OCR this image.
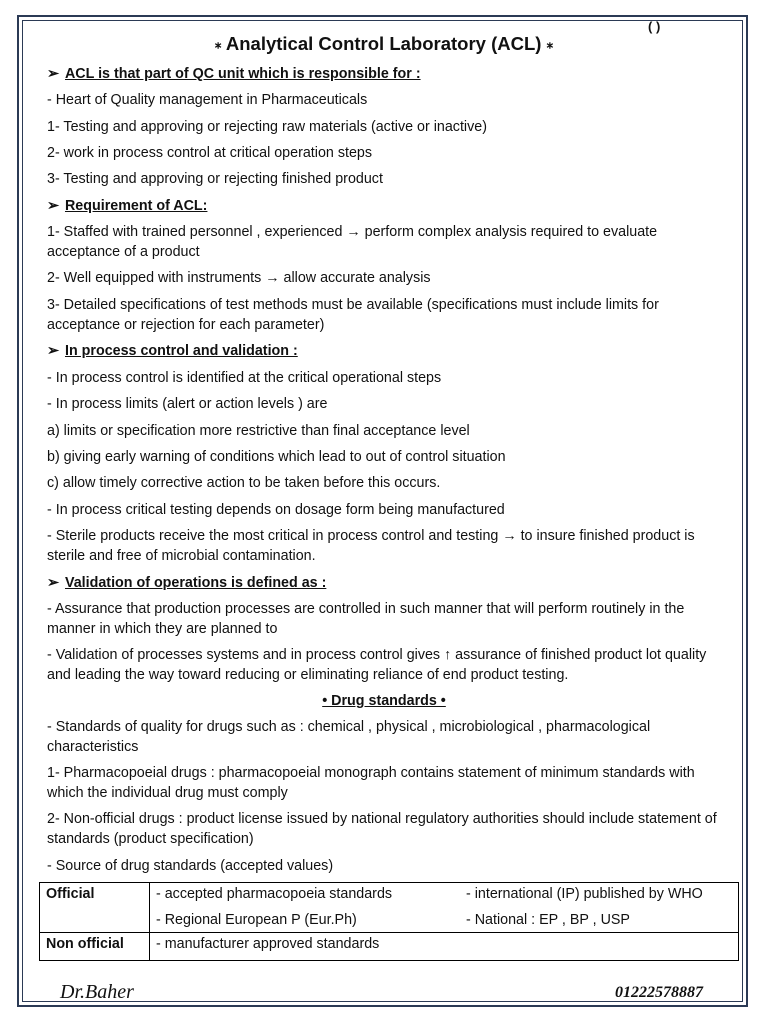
( )
⁎ Analytical Control Laboratory (ACL) ⁎
➢ ACL is that part of QC unit which is responsible for :
- Heart of Quality management in Pharmaceuticals
1- Testing and approving or rejecting raw materials (active or inactive)
2- work in process control at critical operation steps
3- Testing and approving or rejecting finished product
➢ Requirement of ACL:
1- Staffed with trained personnel , experienced → perform complex analysis required to evaluate acceptance of a product
2- Well equipped with instruments → allow accurate analysis
3- Detailed specifications of test methods must be available (specifications must include limits for acceptance or rejection for each parameter)
➢ In process control and validation :
- In process control is identified at the critical operational steps
- In process limits (alert or action levels ) are
a) limits or specification more restrictive than final acceptance level
b) giving early warning of conditions which lead to out of control situation
c) allow timely corrective action to be taken before this occurs.
- In process critical testing depends on dosage form being manufactured
- Sterile products receive the most critical in process control and testing → to insure finished product is sterile and free of microbial contamination.
➢ Validation of operations is defined as :
- Assurance that production processes are controlled in such manner that will perform routinely in the manner in which they are planned to
- Validation of processes systems and in process control gives ↑ assurance of finished product lot quality and leading the way toward reducing or eliminating reliance of end product testing.
• Drug standards •
- Standards of quality for drugs such as : chemical , physical , microbiological , pharmacological characteristics
1- Pharmacopoeial drugs : pharmacopoeial monograph contains statement of minimum standards with which the individual drug must comply
2- Non-official drugs : product license issued by national regulatory authorities should include statement of standards (product specification)
- Source of drug standards (accepted values)
Official	- accepted pharmacopoeia standards - international (IP) published by WHO
- Regional European P (Eur.Ph) - National : EP , BP , USP

Non official	- manufacturer approved standards
Dr.Baher	01222578887
